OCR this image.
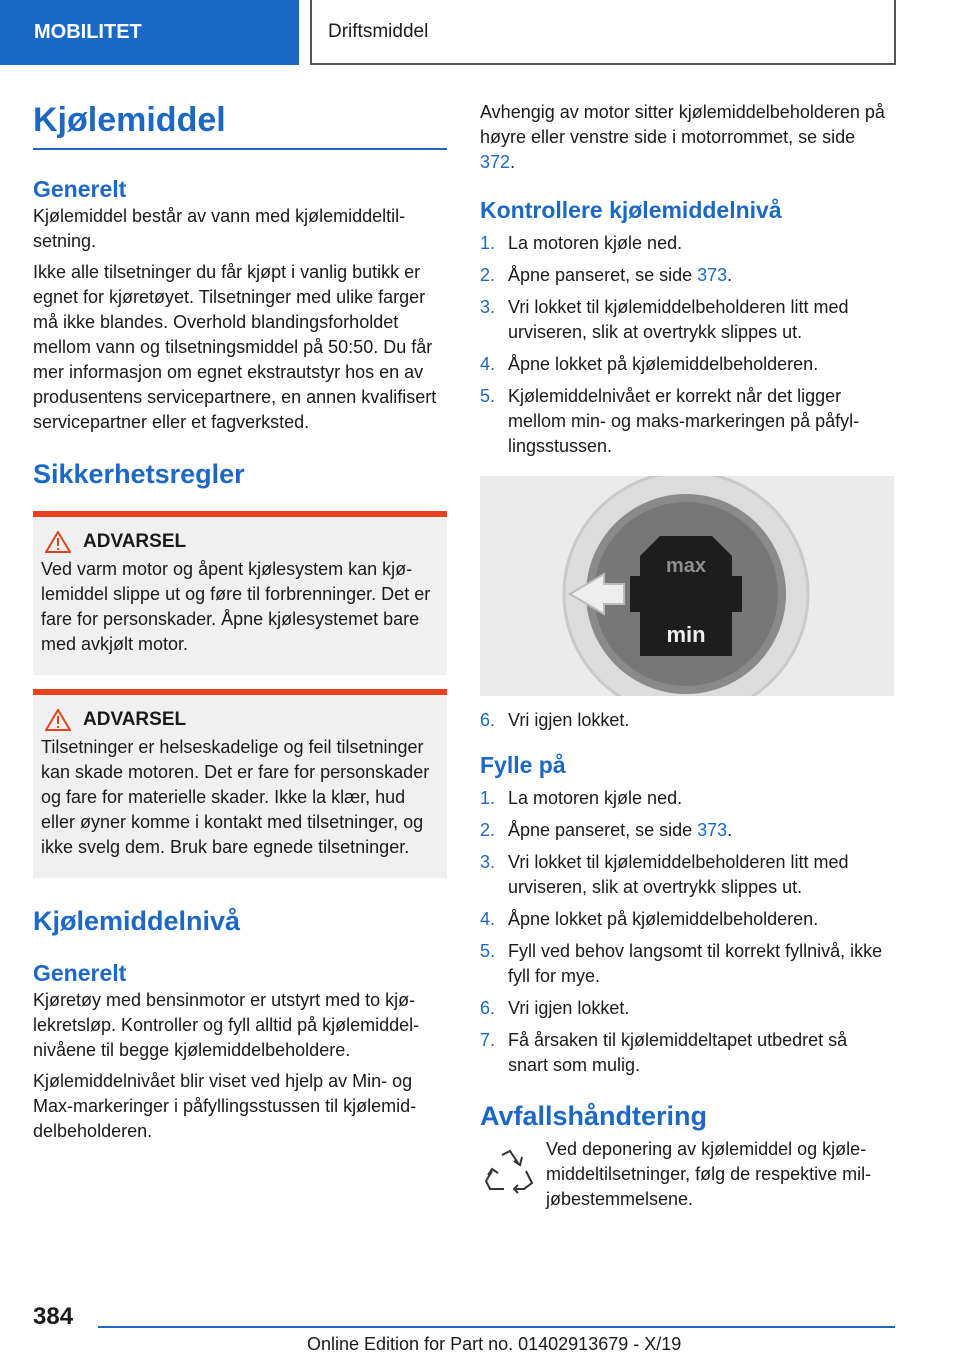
MOBILITET	Driftsmiddel
Kjølemiddel
Generelt

Kjølemiddel består av vann med kjølemiddeltilsetning.

Ikke alle tilsetninger du får kjøpt i vanlig butikk er egnet for kjøretøyet. Tilsetninger med ulike farger må ikke blandes. Overhold blandingsforholdet mellom vann og tilsetningsmiddel på 50:50. Du får mer informasjon om egnet ekstrautstyr hos en av produsentens servicepartnere, en annen kvalifisert servicepartner eller et fagverksted.

Sikkerhetsregler
ADVARSEL

Ved varm motor og åpent kjølesystem kan kjølemiddel slippe ut og føre til forbrenninger. Det er fare for personskader. Åpne kjølesystemet bare med avkjølt motor.

ADVARSEL

Tilsetninger er helseskadelige og feil tilsetninger kan skade motoren. Det er fare for personskader og fare for materielle skader. Ikke la klær, hud eller øyner komme i kontakt med tilsetninger, og ikke svelg dem. Bruk bare egnede tilsetninger.

Kjølemiddelnivå
Generelt

Kjøretøy med bensinmotor er utstyrt med to kjølekretsløp. Kontroller og fyll alltid på kjølemiddelnivåene til begge kjølemiddelbeholdere.

Kjølemiddelnivået blir viset ved hjelp av Min- og Max-markeringer i påfyllingsstussen til kjølemiddelbeholderen.

Avhengig av motor sitter kjølemiddelbeholderen på høyre eller venstre side i motorrommet, se side 372.

Kontrollere kjølemiddelnivå
1. La motoren kjøle ned.
2. Åpne panseret, se side 373.
3. Vri lokket til kjølemiddelbeholderen litt med urviseren, slik at overtrykk slippes ut.
4. Åpne lokket på kjølemiddelbeholderen.
5. Kjølemiddelnivået er korrekt når det ligger mellom min- og maks-markeringen på påfyllingsstussen.
max
min
6. Vri igjen lokket.
Fylle på
1. La motoren kjøle ned.
2. Åpne panseret, se side 373.
3. Vri lokket til kjølemiddelbeholderen litt med urviseren, slik at overtrykk slippes ut.
4. Åpne lokket på kjølemiddelbeholderen.
5. Fyll ved behov langsomt til korrekt fyllnivå, ikke fyll for mye.
6. Vri igjen lokket.
7. Få årsaken til kjølemiddeltapet utbedret så snart som mulig.
Avfallshåndtering

Ved deponering av kjølemiddel og kjølemiddeltilsetninger, følg de respektive miljøbestemmelsene.

384
Online Edition for Part no. 01402913679 - X/19
